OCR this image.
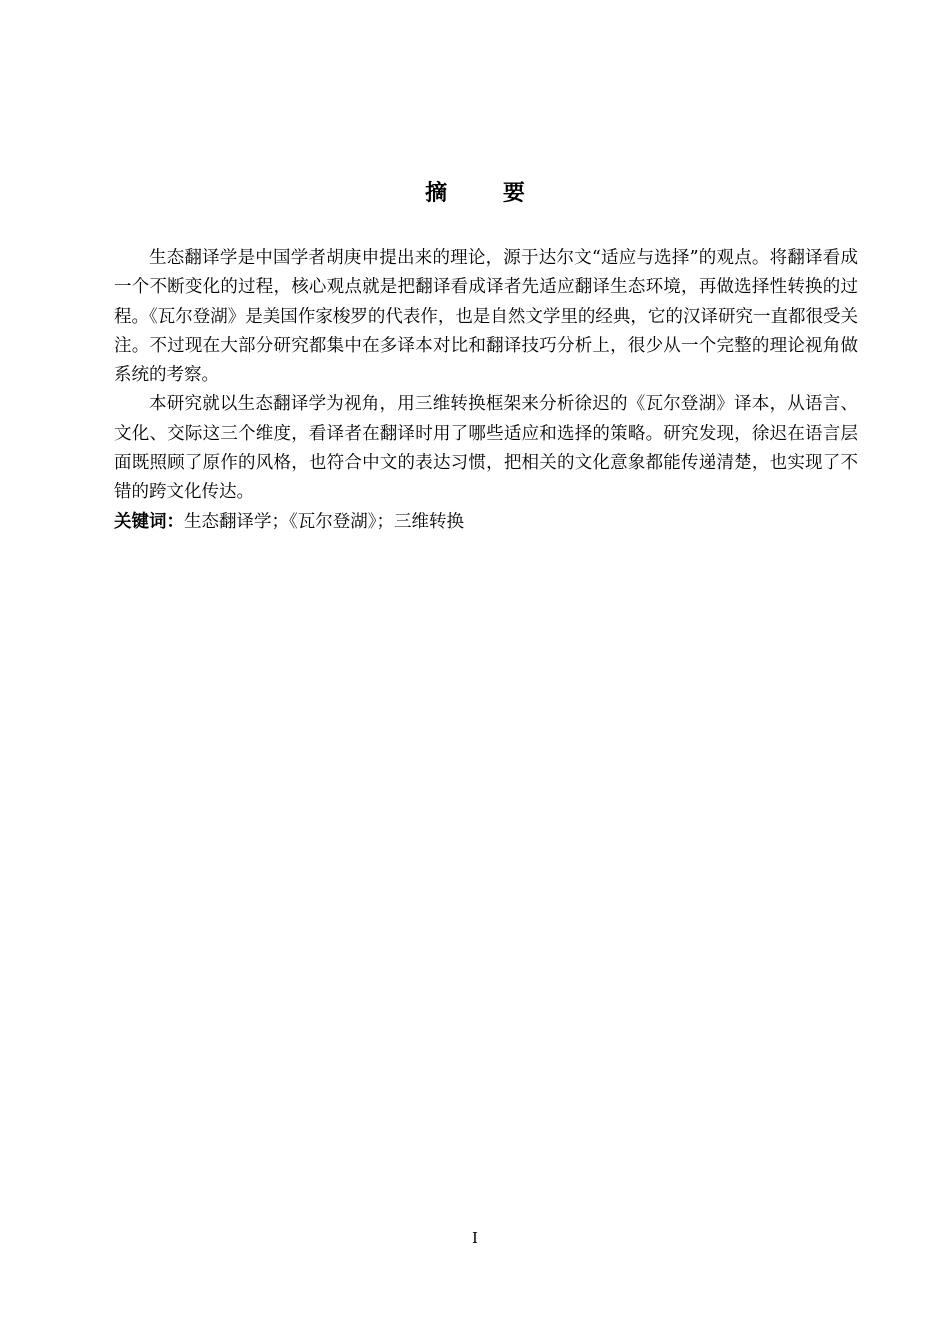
摘 要

生态翻译学是中国学者胡庚申提出来的理论，源于达尔文“适应与选择”的观点。将翻译看成一个不断变化的过程，核心观点就是把翻译看成译者先适应翻译生态环境，再做选择性转换的过程。《瓦尔登湖》是美国作家梭罗的代表作，也是自然文学里的经典，它的汉译研究一直都很受关注。不过现在大部分研究都集中在多译本对比和翻译技巧分析上，很少从一个完整的理论视角做系统的考察。

本研究就以生态翻译学为视角，用三维转换框架来分析徐迟的《瓦尔登湖》译本，从语言、文化、交际这三个维度，看译者在翻译时用了哪些适应和选择的策略。研究发现，徐迟在语言层面既照顾了原作的风格，也符合中文的表达习惯，把相关的文化意象都能传递清楚，也实现了不错的跨文化传达。

关键词：生态翻译学；《瓦尔登湖》；三维转换

I
